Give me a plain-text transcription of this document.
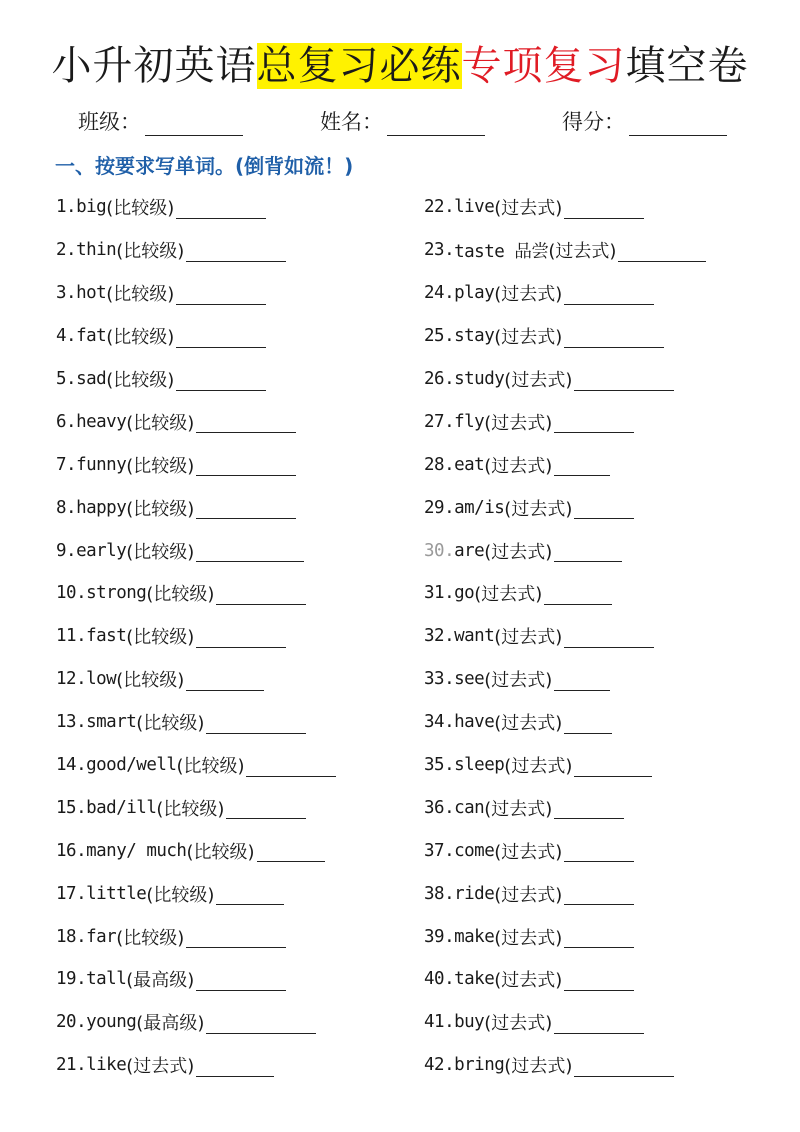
小升初英语总复习必练专项复习填空卷
班级：	姓名：	得分：
一、按要求写单词。(倒背如流！)
1. big (比较级)
2. thin (比较级)
3. hot (比较级)
4. fat (比较级)
5. sad (比较级)
6. heavy (比较级)
7. funny (比较级)
8. happy (比较级)
9. early (比较级)
10. strong (比较级)
11. fast (比较级)
12. low (比较级)
13. smart (比较级)
14. good/well (比较级)
15. bad/ill (比较级)
16. many/ much (比较级)
17. little (比较级)
18. far (比较级)
19. tall (最高级)
20. young (最高级)
21. like (过去式)
22. live (过去式)
23. taste 品尝 (过去式)
24. play (过去式)
25. stay (过去式)
26. study (过去式)
27. fly (过去式)
28. eat (过去式)
29. am/is (过去式)
30. are (过去式)
31. go (过去式)
32. want (过去式)
33. see (过去式)
34. have (过去式)
35. sleep (过去式)
36. can (过去式)
37. come (过去式)
38. ride (过去式)
39. make (过去式)
40. take (过去式)
41. buy (过去式)
42. bring (过去式)
